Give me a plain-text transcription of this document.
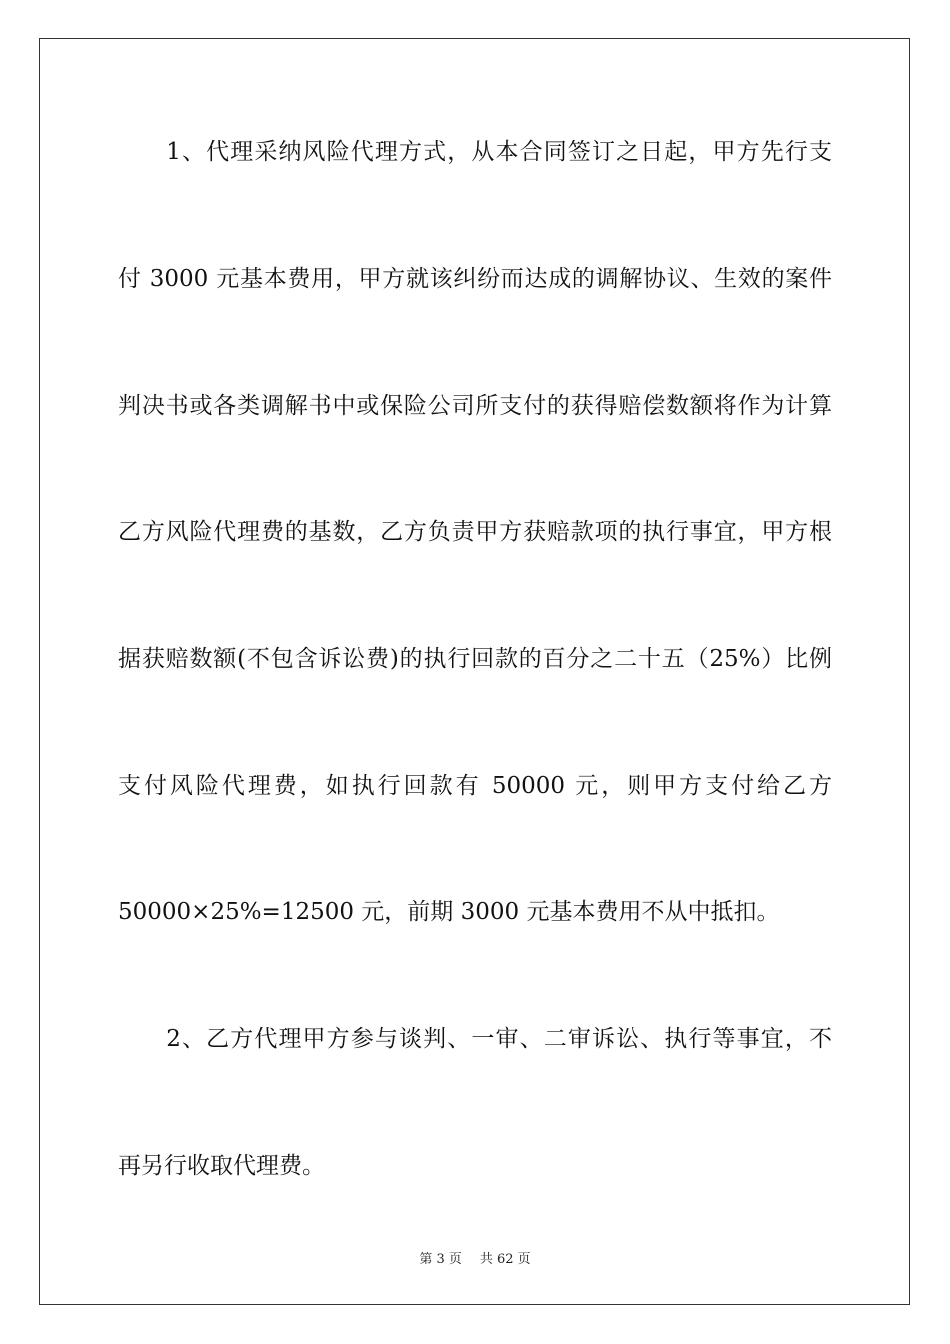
　　1、代理采纳风险代理方式，从本合同签订之日起，甲方先行支
付 3000 元基本费用，甲方就该纠纷而达成的调解协议、生效的案件
判决书或各类调解书中或保险公司所支付的获得赔偿数额将作为计算
乙方风险代理费的基数，乙方负责甲方获赔款项的执行事宜，甲方根
据获赔数额(不包含诉讼费)的执行回款的百分之二十五（25%）比例
支付风险代理费，如执行回款有 50000 元，则甲方支付给乙方
50000×25%=12500 元，前期 3000 元基本费用不从中抵扣。
　　2、乙方代理甲方参与谈判、一审、二审诉讼、执行等事宜，不
再另行收取代理费。
第 3 页 共 62 页
